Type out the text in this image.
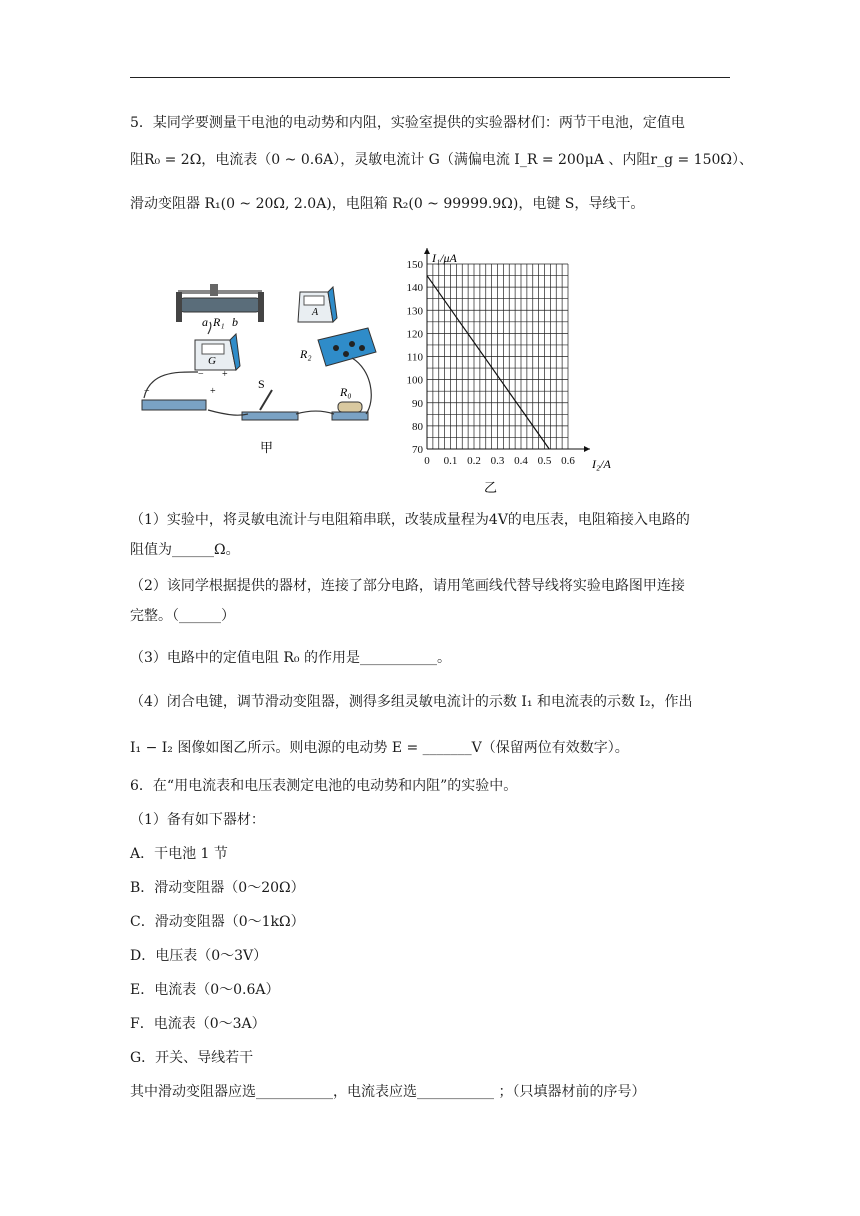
5．某同学要测量干电池的电动势和内阻，实验室提供的实验器材们：两节干电池，定值电
阻R₀ = 2Ω，电流表（0 ~ 0.6A），灵敏电流计 G（满偏电流 I_R = 200μA 、内阻r_g = 150Ω）、
滑动变阻器 R₁(0 ~ 20Ω, 2.0A)，电阻箱 R₂(0 ~ 99999.9Ω)，电键 S，导线干。
a R₁ b
G
− +
A
R₂
−	+
S
R₀
甲
0 0.1 0.2 0.3 0.4 0.5 0.6
70
80
90
100
110
120
130
140
150 I₁/μA
I₂/A
乙
（1）实验中，将灵敏电流计与电阻箱串联，改装成量程为4V的电压表，电阻箱接入电路的
阻值为______Ω。
（2）该同学根据提供的器材，连接了部分电路，请用笔画线代替导线将实验电路图甲连接
完整。（______）
（3）电路中的定值电阻 R₀ 的作用是___________。
（4）闭合电键，调节滑动变阻器，测得多组灵敏电流计的示数 I₁ 和电流表的示数 I₂，作出
I₁ − I₂ 图像如图乙所示。则电源的电动势 E = _______V（保留两位有效数字）。
6．在“用电流表和电压表测定电池的电动势和内阻”的实验中。
（1）备有如下器材：
A．干电池 1 节
B．滑动变阻器（0～20Ω）
C．滑动变阻器（0～1kΩ）
D．电压表（0～3V）
E．电流表（0～0.6A）
F．电流表（0～3A）
G．开关、导线若干
其中滑动变阻器应选___________，电流表应选___________ ；（只填器材前的序号）
